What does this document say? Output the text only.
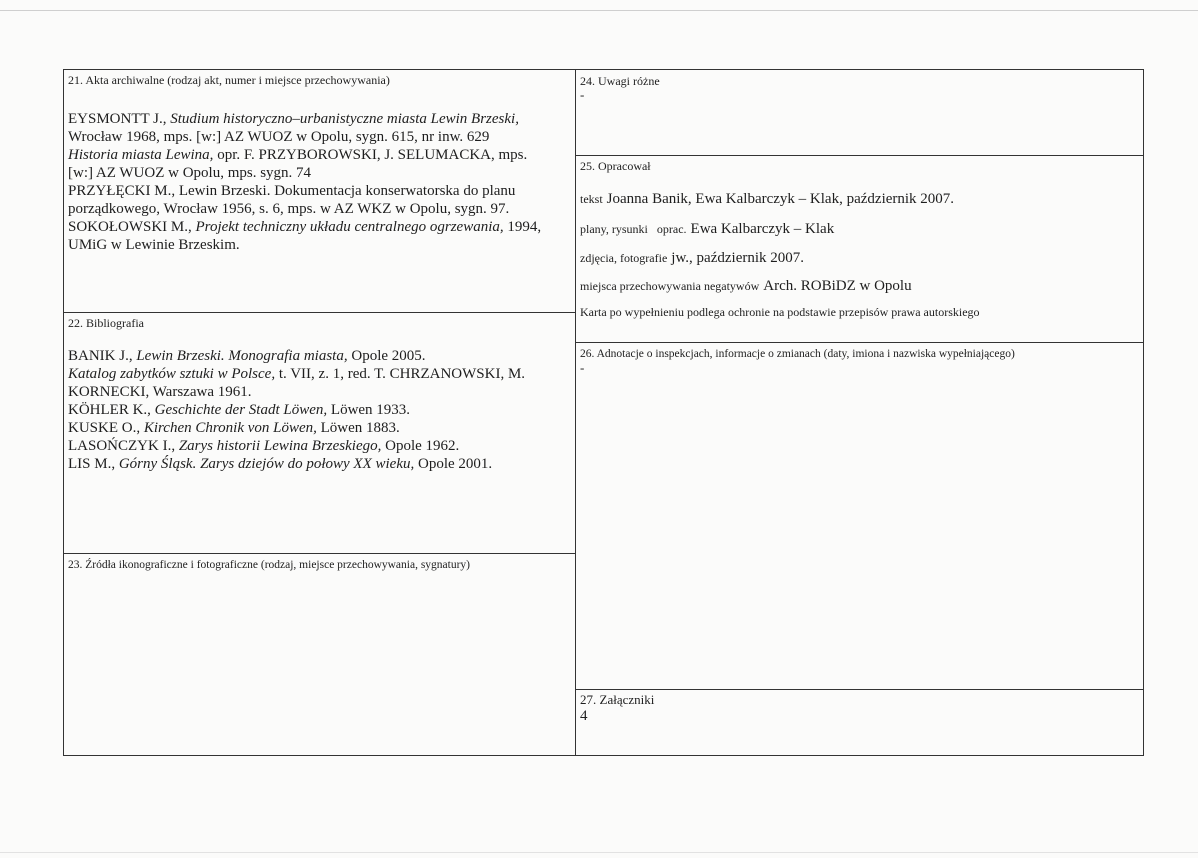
21. Akta archiwalne (rodzaj akt, numer i miejsce przechowywania)

EYSMONTT J., Studium historyczno–urbanistyczne miasta Lewin Brzeski, Wrocław 1968, mps. [w:] AZ WUOZ w Opolu, sygn. 615, nr inw. 629

Historia miasta Lewina, opr. F. PRZYBOROWSKI, J. SELUMACKA, mps. [w:] AZ WUOZ w Opolu, mps. sygn. 74

PRZYŁĘCKI M., Lewin Brzeski. Dokumentacja konserwatorska do planu porządkowego, Wrocław 1956, s. 6, mps. w AZ WKZ w Opolu, sygn. 97.

SOKOŁOWSKI M., Projekt techniczny układu centralnego ogrzewania, 1994, UMiG w Lewinie Brzeskim.

22. Bibliografia

BANIK J., Lewin Brzeski. Monografia miasta, Opole 2005.

Katalog zabytków sztuki w Polsce, t. VII, z. 1, red. T. CHRZANOWSKI, M. KORNECKI, Warszawa 1961.

KÖHLER K., Geschichte der Stadt Löwen, Löwen 1933.

KUSKE O., Kirchen Chronik von Löwen, Löwen 1883.

LASOŃCZYK I., Zarys historii Lewina Brzeskiego, Opole 1962.

LIS M., Górny Śląsk. Zarys dziejów do połowy XX wieku, Opole 2001.

23. Źródła ikonograficzne i fotograficzne (rodzaj, miejsce przechowywania, sygnatury)
24. Uwagi różne
-
25. Opracował
tekst Joanna Banik, Ewa Kalbarczyk – Klak, październik 2007.
plany, rysunki   oprac. Ewa Kalbarczyk – Klak
zdjęcia, fotografie jw., październik 2007.
miejsca przechowywania negatywów Arch. ROBiDZ w Opolu
Karta po wypełnieniu podlega ochronie na podstawie przepisów prawa autorskiego
26. Adnotacje o inspekcjach, informacje o zmianach (daty, imiona i nazwiska wypełniającego)
-
27. Załączniki
4
